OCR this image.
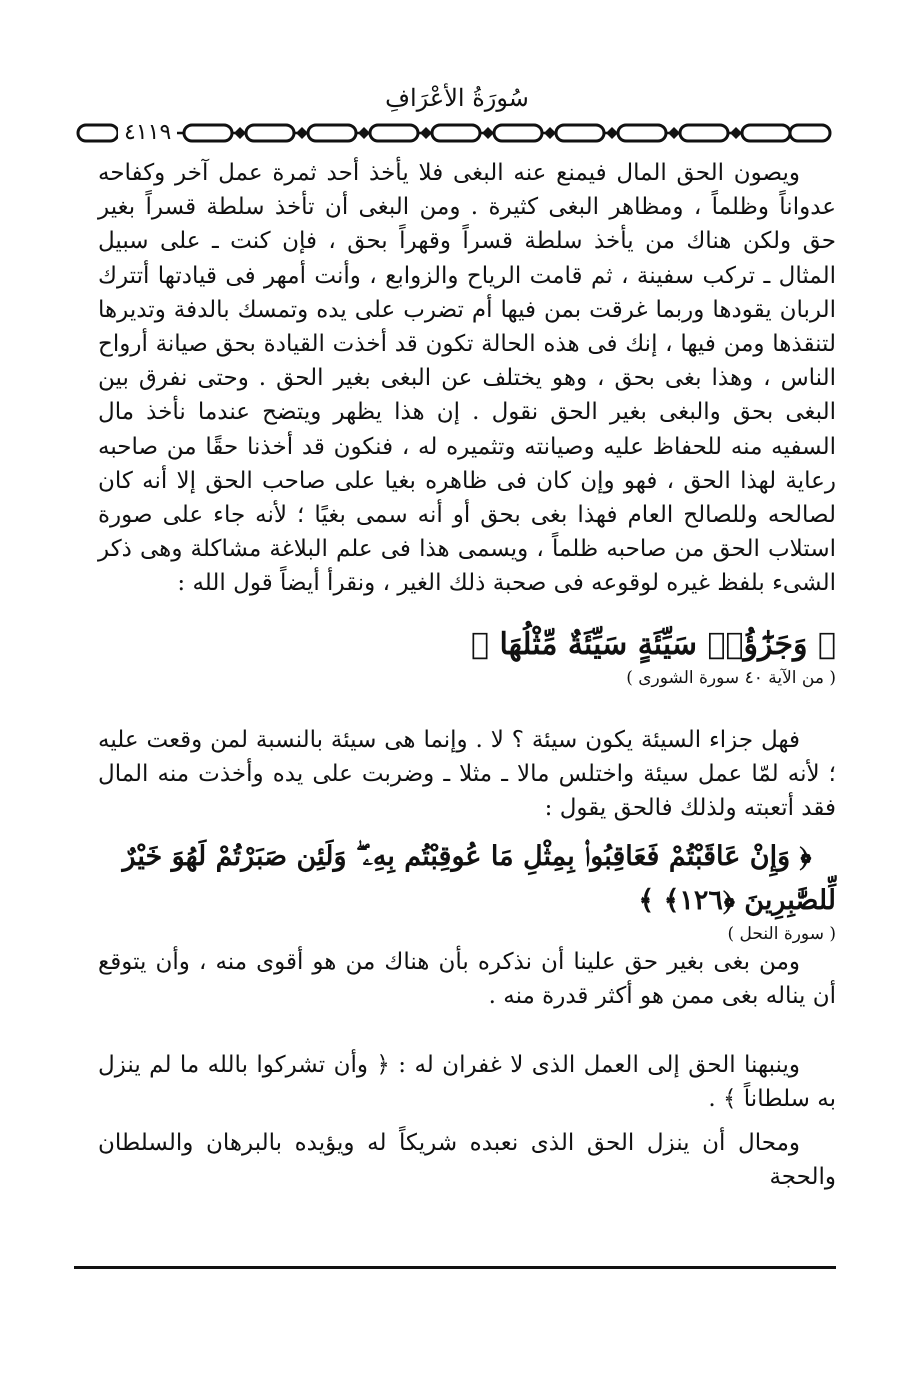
سُورَةُ الأعْرَافِ
٤١١٩

ويصون الحق المال فيمنع عنه البغى فلا يأخذ أحد ثمرة عمل آخر وكفاحه عدواناً وظلماً ، ومظاهر البغى كثيرة . ومن البغى أن تأخذ سلطة قسراً بغير حق ولكن هناك من يأخذ سلطة قسراً وقهراً بحق ، فإن كنت ـ على سبيل المثال ـ تركب سفينة ، ثم قامت الرياح والزوابع ، وأنت أمهر فى قيادتها أتترك الربان يقودها وربما غرقت بمن فيها أم تضرب على يده وتمسك بالدفة وتديرها لتنقذها ومن فيها ، إنك فى هذه الحالة تكون قد أخذت القيادة بحق صيانة أرواح الناس ، وهذا بغى بحق ، وهو يختلف عن البغى بغير الحق . وحتى نفرق بين البغى بحق والبغى بغير الحق نقول . إن هذا يظهر ويتضح عندما نأخذ مال السفيه منه للحفاظ عليه وصيانته وتثميره له ، فنكون قد أخذنا حقًا من صاحبه رعاية لهذا الحق ، فهو وإن كان فى ظاهره بغيا على صاحب الحق إلا أنه كان لصالحه وللصالح العام فهذا بغى بحق أو أنه سمى بغيًا ؛ لأنه جاء على صورة استلاب الحق من صاحبه ظلماً ، ويسمى هذا فى علم البلاغة مشاكلة وهى ذكر الشىء بلفظ غيره لوقوعه فى صحبة ذلك الغير ، ونقرأ أيضاً قول الله :

﴿ وَجَزَٰٓؤُا۟ سَيِّئَةٍ سَيِّئَةٌ مِّثْلُهَا ﴾
( من الآية ٤٠ سورة الشورى )

فهل جزاء السيئة يكون سيئة ؟ لا . وإنما هى سيئة بالنسبة لمن وقعت عليه ؛ لأنه لمّا عمل سيئة واختلس مالا ـ مثلا ـ وضربت على يده وأخذت منه المال فقد أتعبته ولذلك فالحق يقول :

﴿ وَإِنْ عَاقَبْتُمْ فَعَاقِبُوا۟ بِمِثْلِ مَا عُوقِبْتُم بِهِۦ ۖ وَلَئِن صَبَرْتُمْ لَهُوَ خَيْرٌ لِّلصَّٰبِرِينَ ﴿١٢٦﴾ ﴾
( سورة النحل )

ومن بغى بغير حق علينا أن نذكره بأن هناك من هو أقوى منه ، وأن يتوقع أن يناله بغى ممن هو أكثر قدرة منه .

وينبهنا الحق إلى العمل الذى لا غفران له : ﴿ وأن تشركوا بالله ما لم ينزل به سلطاناً ﴾ .

ومحال أن ينزل الحق الذى نعبده شريكاً له ويؤيده بالبرهان والسلطان والحجة
